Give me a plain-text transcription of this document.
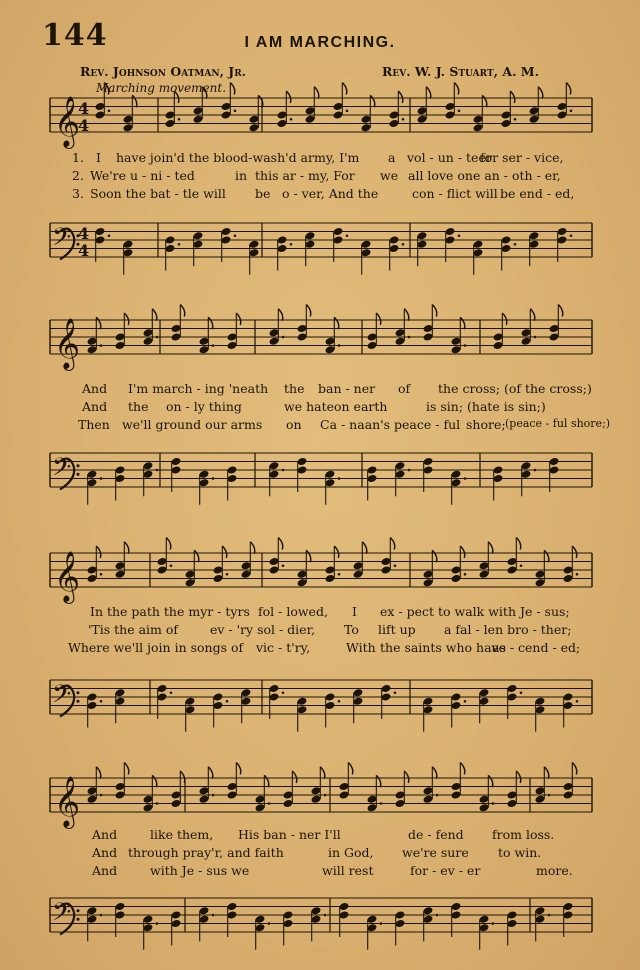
144	I AM MARCHING.
Rev. Johnson Oatman, Jr.	Rev. W. J. Stuart, A. M.
Marching movement.
𝄞
4
4
1. I have join'd the blood-wash'd army, I'm a vol - un - teer
for ser - vice,
2. We're u - ni - ted	in this ar - my, For we all love one an - oth - er,
3. Soon the bat - tle will be o - ver, And the	con - flict will be end - ed,
𝄢 4
4
𝄞
And I'm march - ing 'neath the ban - ner of the cross; (of the cross;)
And the on - ly thing	we hate on earth	is sin; (hate is sin;)
Then we'll ground our arms on Ca - naan's peace - ful shore; (peace - ful shore;)
𝄢
𝄞
In the path the myr - tyrs fol - lowed, I ex - pect to walk with Je - sus;
'Tis the aim of	ev - 'ry sol - dier, To lift up a fal - len bro - ther;
Where we'll join in songs of vic - t'ry,	With the saints who have
as - cend - ed;
𝄢
𝄞
And	like them, His ban - ner I'll	de - fend from loss.
And through pray'r, and faith	in God, we're sure to win.
And	with Je - sus we	will rest	for - ev - er	more.
𝄢
